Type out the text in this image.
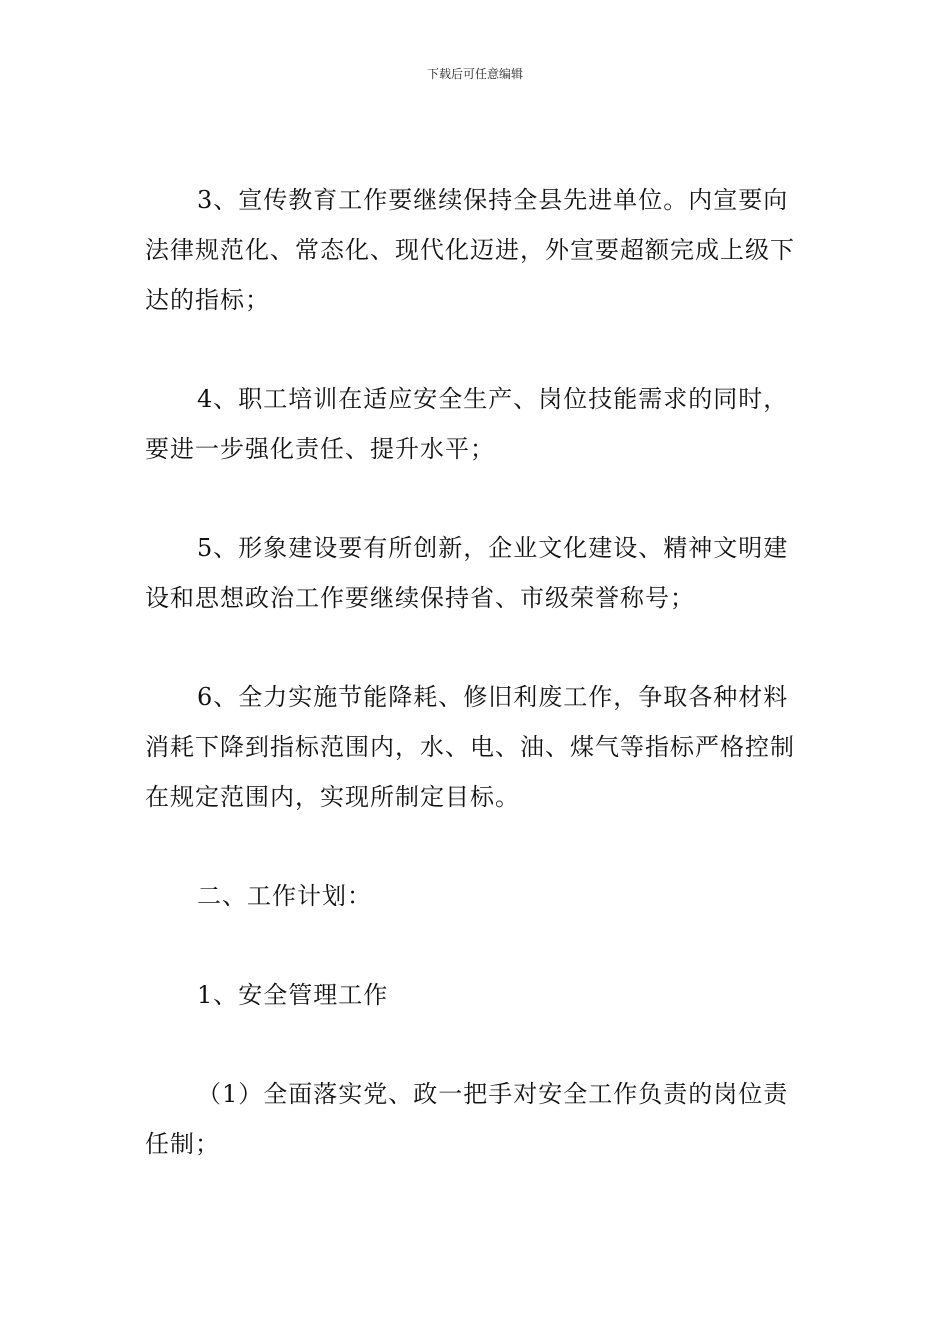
下载后可任意编辑

3、宣传教育工作要继续保持全县先进单位。内宣要向法律规范化、常态化、现代化迈进，外宣要超额完成上级下达的指标；

4、职工培训在适应安全生产、岗位技能需求的同时，要进一步强化责任、提升水平；

5、形象建设要有所创新，企业文化建设、精神文明建设和思想政治工作要继续保持省、市级荣誉称号；

6、全力实施节能降耗、修旧利废工作，争取各种材料消耗下降到指标范围内，水、电、油、煤气等指标严格控制在规定范围内，实现所制定目标。

二、工作计划：

1、安全管理工作

（1）全面落实党、政一把手对安全工作负责的岗位责任制；
